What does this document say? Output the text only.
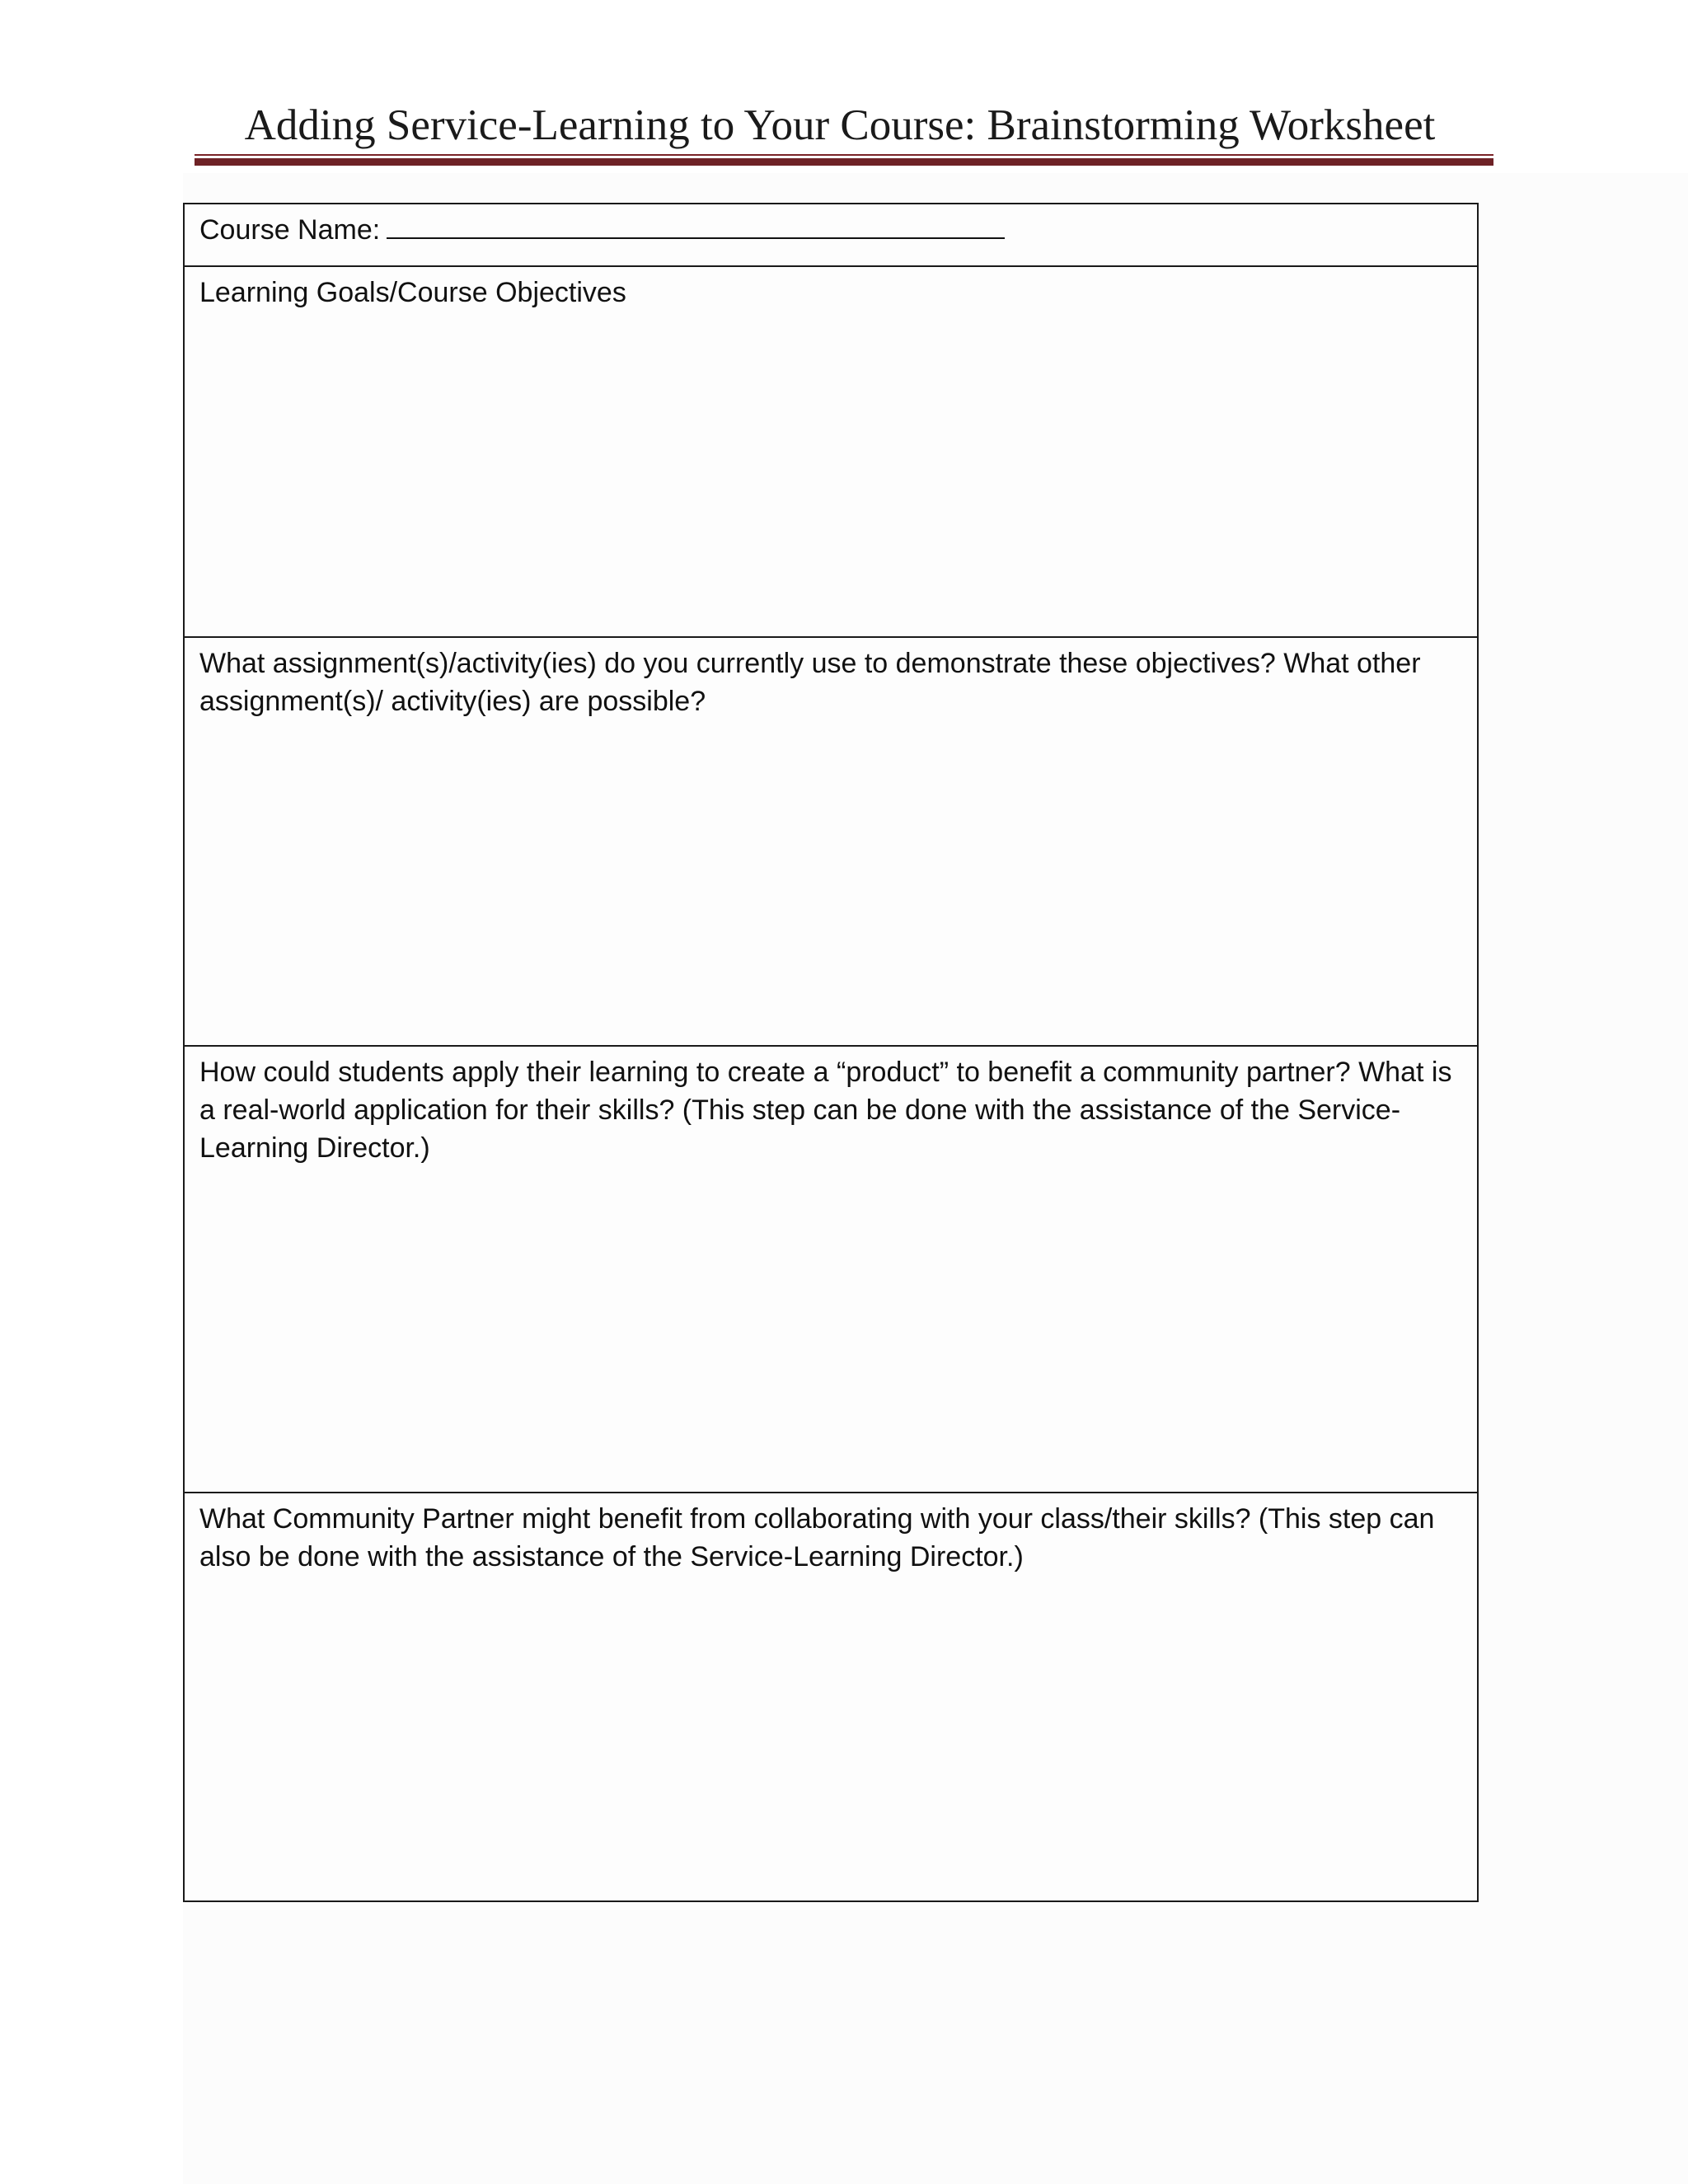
Adding Service-Learning to Your Course: Brainstorming Worksheet

Course Name:

Learning Goals/Course Objectives

What assignment(s)/activity(ies) do you currently use to demonstrate these objectives? What other assignment(s)/ activity(ies) are possible?

How could students apply their learning to create a “product” to benefit a community partner? What is a real-world application for their skills? (This step can be done with the assistance of the Service-Learning Director.)

What Community Partner might benefit from collaborating with your class/their skills? (This step can also be done with the assistance of the Service-Learning Director.)
